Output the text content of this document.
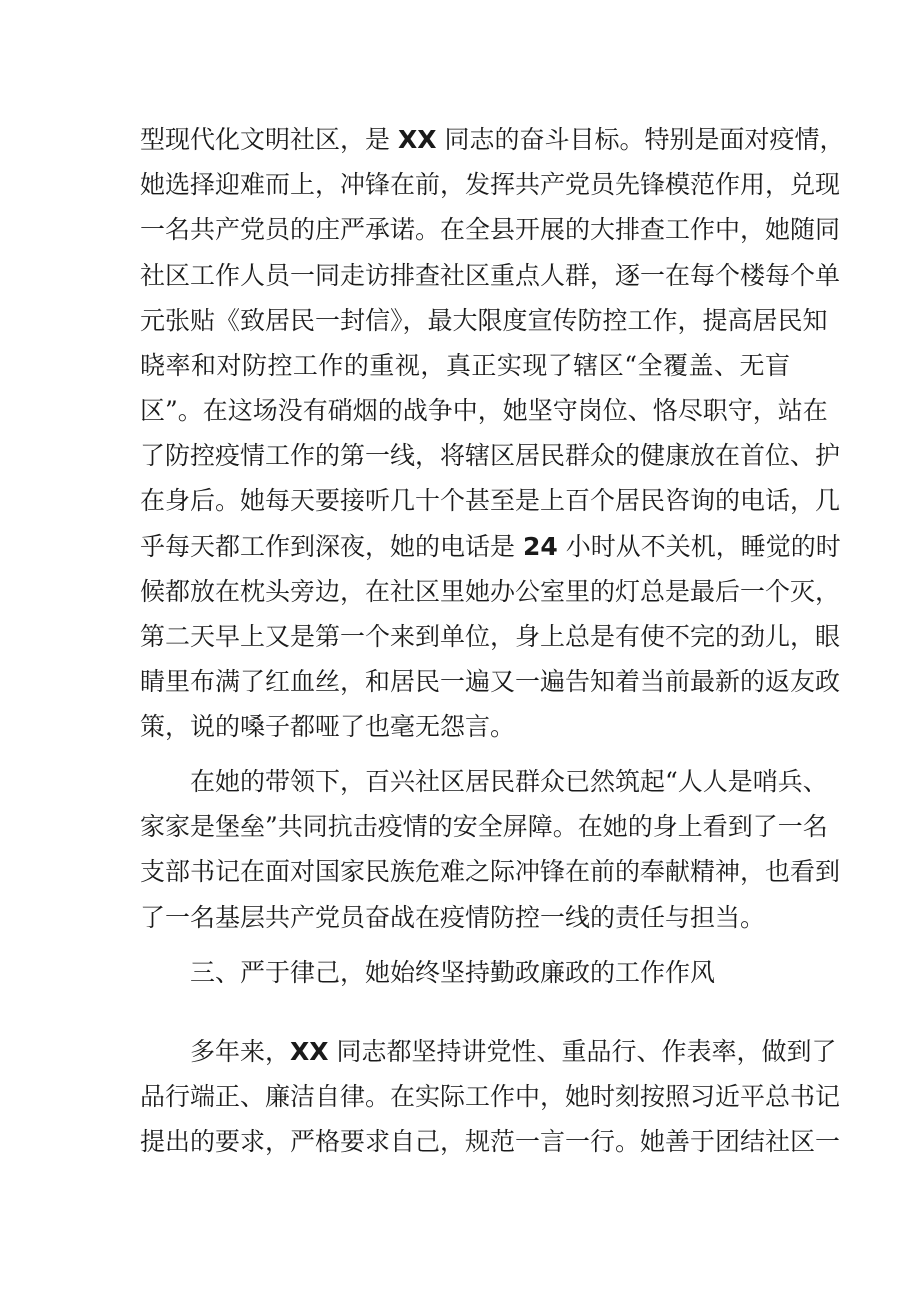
型现代化文明社区，是 XX 同志的奋斗目标。特别是面对疫情，
她选择迎难而上，冲锋在前，发挥共产党员先锋模范作用，兑现
一名共产党员的庄严承诺。在全县开展的大排查工作中，她随同
社区工作人员一同走访排查社区重点人群，逐一在每个楼每个单
元张贴《致居民一封信》，最大限度宣传防控工作，提高居民知
晓率和对防控工作的重视，真正实现了辖区“全覆盖、无盲
区”。在这场没有硝烟的战争中，她坚守岗位、恪尽职守，站在
了防控疫情工作的第一线，将辖区居民群众的健康放在首位、护
在身后。她每天要接听几十个甚至是上百个居民咨询的电话，几
乎每天都工作到深夜，她的电话是 24 小时从不关机，睡觉的时
候都放在枕头旁边，在社区里她办公室里的灯总是最后一个灭，
第二天早上又是第一个来到单位，身上总是有使不完的劲儿，眼
睛里布满了红血丝，和居民一遍又一遍告知着当前最新的返友政
策，说的嗓子都哑了也毫无怨言。
在她的带领下，百兴社区居民群众已然筑起“人人是哨兵、
家家是堡垒”共同抗击疫情的安全屏障。在她的身上看到了一名
支部书记在面对国家民族危难之际冲锋在前的奉献精神，也看到
了一名基层共产党员奋战在疫情防控一线的责任与担当。
三、严于律己，她始终坚持勤政廉政的工作作风
多年来，XX 同志都坚持讲党性、重品行、作表率，做到了
品行端正、廉洁自律。在实际工作中，她时刻按照习近平总书记
提出的要求，严格要求自己，规范一言一行。她善于团结社区一
